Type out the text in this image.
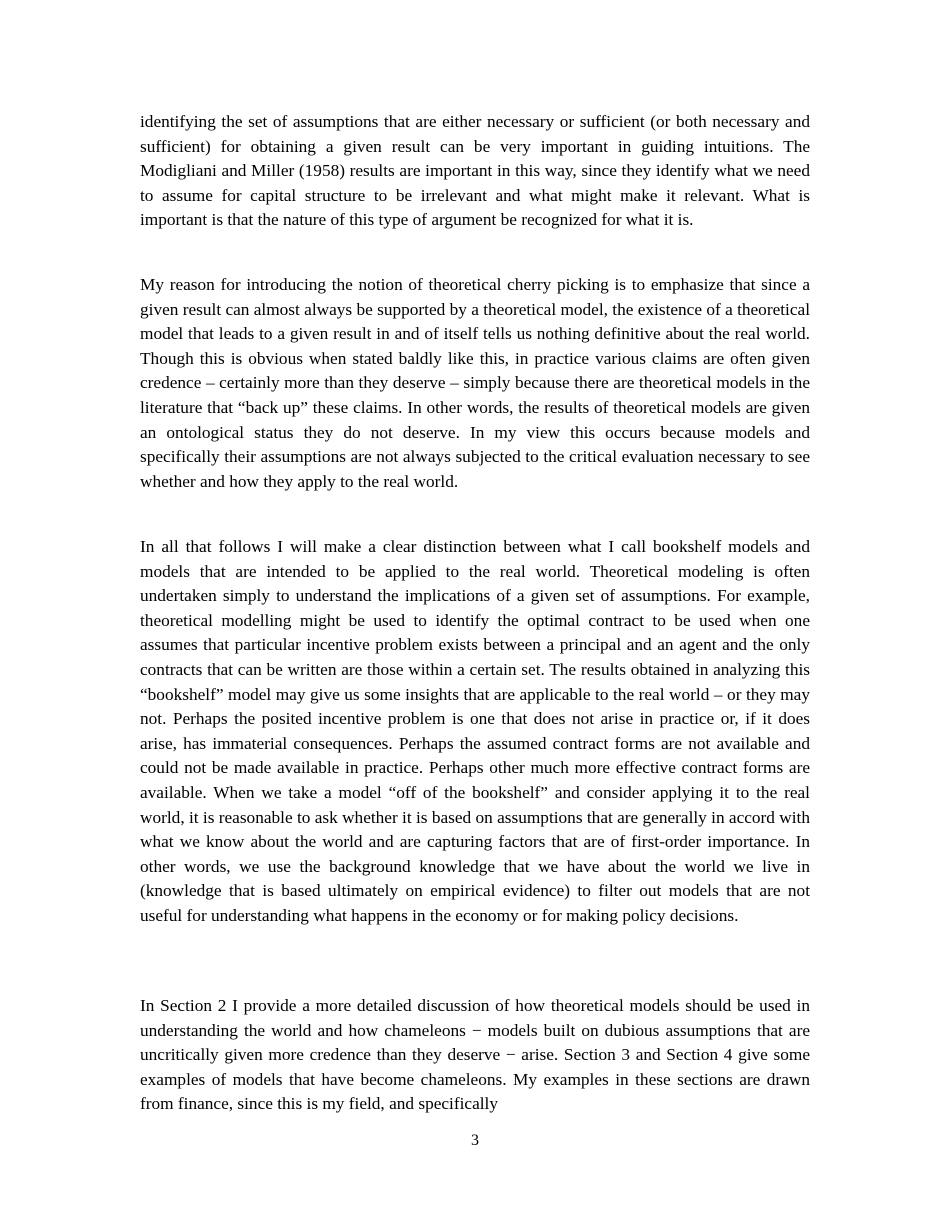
identifying the set of assumptions that are either necessary or sufficient (or both necessary and sufficient) for obtaining a given result can be very important in guiding intuitions. The Modigliani and Miller (1958) results are important in this way, since they identify what we need to assume for capital structure to be irrelevant and what might make it relevant. What is important is that the nature of this type of argument be recognized for what it is.

My reason for introducing the notion of theoretical cherry picking is to emphasize that since a given result can almost always be supported by a theoretical model, the existence of a theoretical model that leads to a given result in and of itself tells us nothing definitive about the real world. Though this is obvious when stated baldly like this, in practice various claims are often given credence – certainly more than they deserve – simply because there are theoretical models in the literature that “back up” these claims. In other words, the results of theoretical models are given an ontological status they do not deserve. In my view this occurs because models and specifically their assumptions are not always subjected to the critical evaluation necessary to see whether and how they apply to the real world.

In all that follows I will make a clear distinction between what I call bookshelf models and models that are intended to be applied to the real world. Theoretical modeling is often undertaken simply to understand the implications of a given set of assumptions. For example, theoretical modelling might be used to identify the optimal contract to be used when one assumes that particular incentive problem exists between a principal and an agent and the only contracts that can be written are those within a certain set. The results obtained in analyzing this “bookshelf” model may give us some insights that are applicable to the real world – or they may not. Perhaps the posited incentive problem is one that does not arise in practice or, if it does arise, has immaterial consequences. Perhaps the assumed contract forms are not available and could not be made available in practice. Perhaps other much more effective contract forms are available. When we take a model “off of the bookshelf” and consider applying it to the real world, it is reasonable to ask whether it is based on assumptions that are generally in accord with what we know about the world and are capturing factors that are of first-order importance. In other words, we use the background knowledge that we have about the world we live in (knowledge that is based ultimately on empirical evidence) to filter out models that are not useful for understanding what happens in the economy or for making policy decisions.

In Section 2 I provide a more detailed discussion of how theoretical models should be used in understanding the world and how chameleons − models built on dubious assumptions that are uncritically given more credence than they deserve − arise. Section 3 and Section 4 give some examples of models that have become chameleons. My examples in these sections are drawn from finance, since this is my field, and specifically

3
